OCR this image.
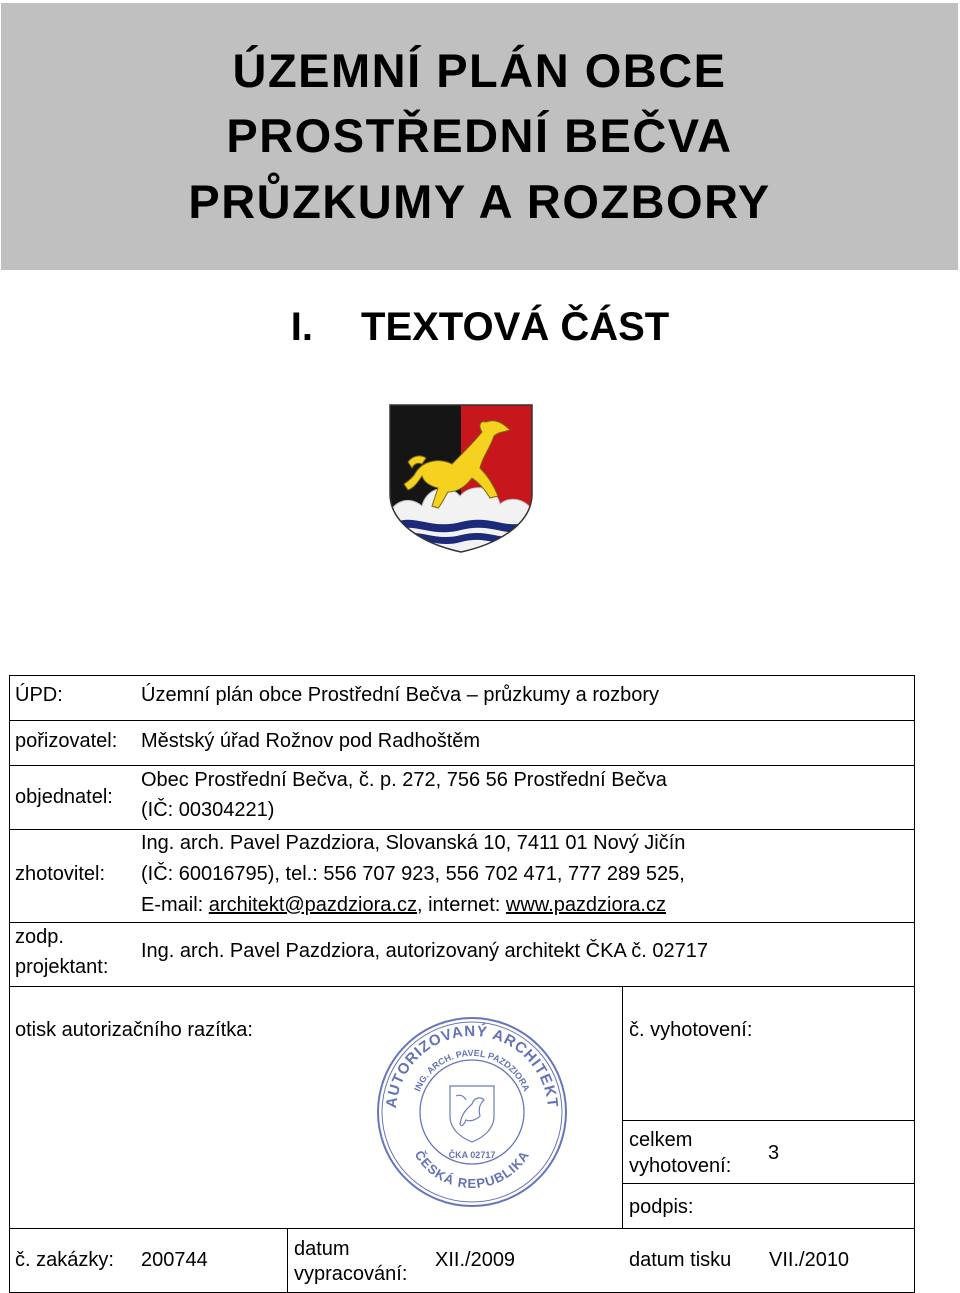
ÚZEMNÍ PLÁN OBCE
PROSTŘEDNÍ BEČVA
PRŮZKUMY A ROZBORY
I. TEXTOVÁ ČÁST
ÚPD:	Územní plán obce Prostřední Bečva – průzkumy a rozbory
pořizovatel: Městský úřad Rožnov pod Radhoštěm
objednatel:
Obec Prostřední Bečva, č. p. 272, 756 56 Prostřední Bečva
(IČ: 00304221)
zhotovitel:
Ing. arch. Pavel Pazdziora, Slovanská 10, 7411 01 Nový Jičín
(IČ: 60016795), tel.: 556 707 923, 556 702 471, 777 289 525,
E-mail: architekt@pazdziora.cz, internet: www.pazdziora.cz
zodp.
projektant:
Ing. arch. Pavel Pazdziora, autorizovaný architekt ČKA č. 02717
otisk autorizačního razítka:	č. vyhotovení:
celkem
vyhotovení:
3
podpis:
AUTORIZOVANÝ ARCHITEKT
ČESKÁ REPUBLIKA
ING. ARCH. PAVEL PAZDZIORA
ČKA 02717
č. zakázky: 200744	datum
vypracování:
XII./2009	datum tisku VII./2010
